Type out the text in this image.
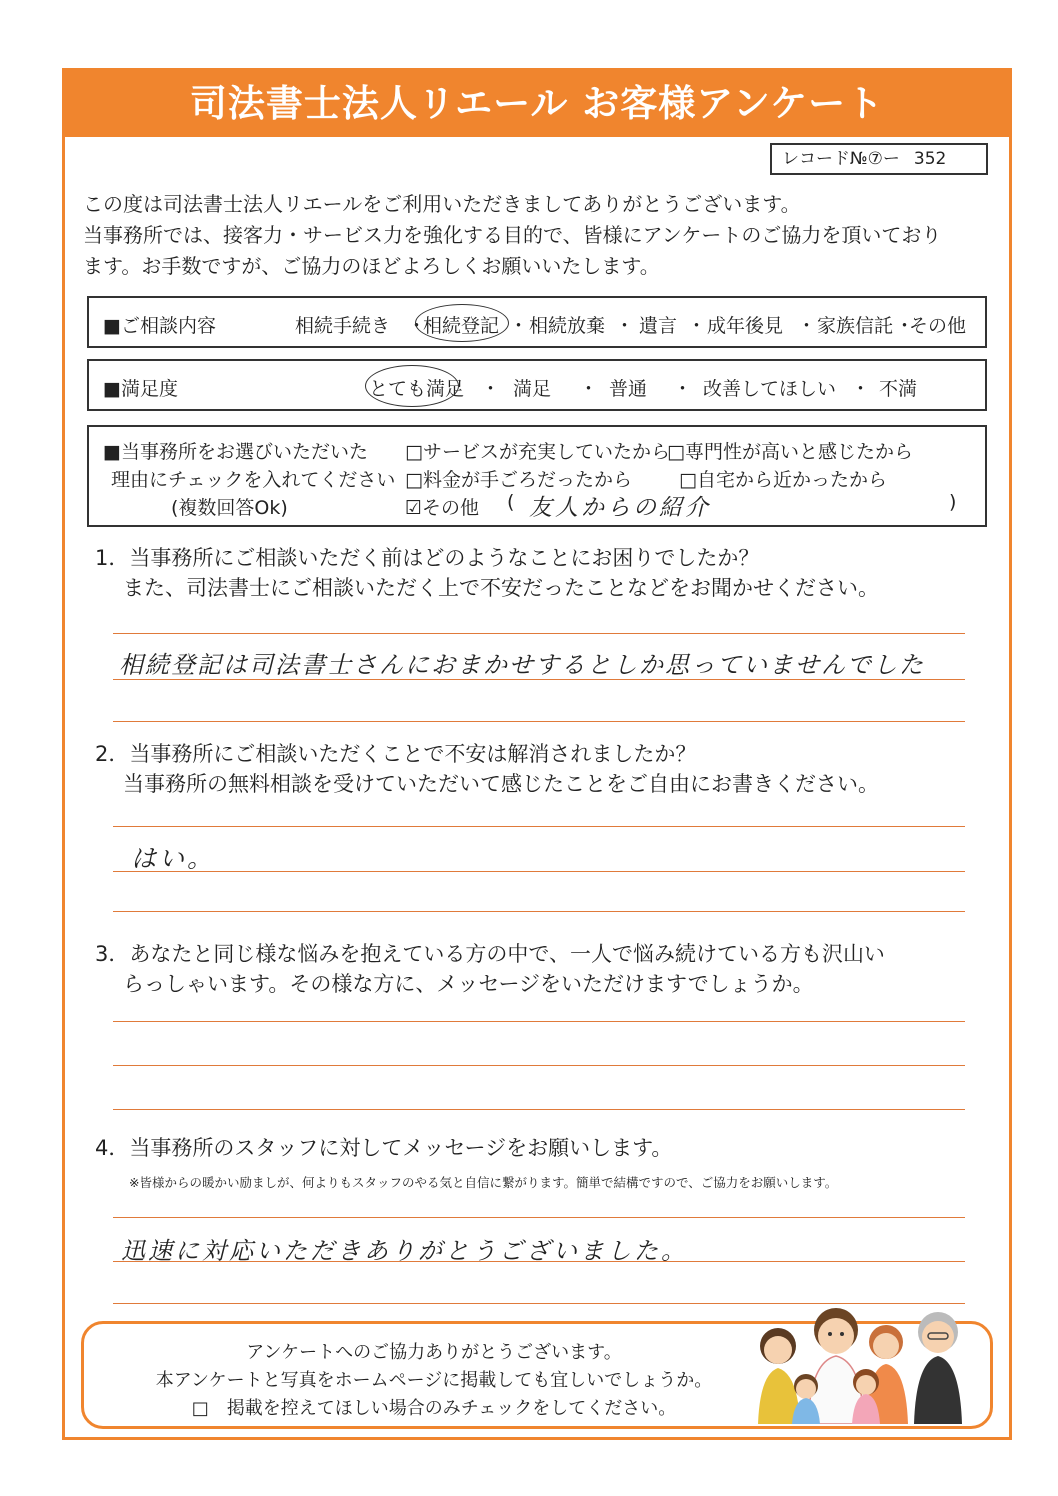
司法書士法人リエール お客様アンケート
レコード№⑦ー 352
この度は司法書士法人リエールをご利用いただきましてありがとうございます。
当事務所では、接客力・サービス力を強化する目的で、皆様にアンケートのご協力を頂いており
ます。お手数ですが、ご協力のほどよろしくお願いいたします。
■ご相談内容	相続手続き ・
相続登記 ・ 相続放棄 ・ 遺言 ・ 成年後見 ・ 家族信託 ・
その他
■満足度	とても満足 ・ 満足 ・ 普通 ・ 改善してほしい ・ 不満
■当事務所をお選びいただいた
理由にチェックを入れてください
(複数回答Ok)
□サービスが充実していたから
□専門性が高いと感じたから
□料金が手ごろだったから □自宅から近かったから
☑その他 ( 友人からの紹介	)
1．当事務所にご相談いただく前はどのようなことにお困りでしたか？
また、司法書士にご相談いただく上で不安だったことなどをお聞かせください。
相続登記は司法書士さんにおまかせするとしか思っていませんでした
2．当事務所にご相談いただくことで不安は解消されましたか？
当事務所の無料相談を受けていただいて感じたことをご自由にお書きください。
はい。
3．あなたと同じ様な悩みを抱えている方の中で、一人で悩み続けている方も沢山い
らっしゃいます。その様な方に、メッセージをいただけますでしょうか。
4．当事務所のスタッフに対してメッセージをお願いします。
※皆様からの暖かい励ましが、何よりもスタッフのやる気と自信に繋がります。簡単で結構ですので、ご協力をお願いします。
迅速に対応いただきありがとうございました。
アンケートへのご協力ありがとうございます。
本アンケートと写真をホームページに掲載しても宜しいでしょうか。
□　掲載を控えてほしい場合のみチェックをしてください。
